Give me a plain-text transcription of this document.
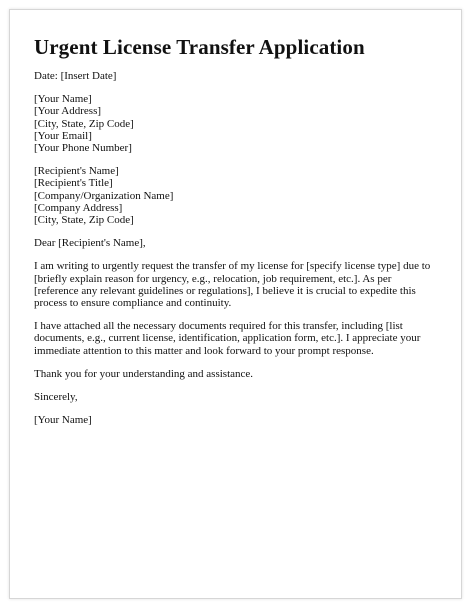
Urgent License Transfer Application
Date: [Insert Date]
[Your Name]
[Your Address]
[City, State, Zip Code]
[Your Email]
[Your Phone Number]
[Recipient's Name]
[Recipient's Title]
[Company/Organization Name]
[Company Address]
[City, State, Zip Code]
Dear [Recipient's Name],
I am writing to urgently request the transfer of my license for [specify license type] due to
[briefly explain reason for urgency, e.g., relocation, job requirement, etc.]. As per
[reference any relevant guidelines or regulations], I believe it is crucial to expedite this
process to ensure compliance and continuity.
I have attached all the necessary documents required for this transfer, including [list
documents, e.g., current license, identification, application form, etc.]. I appreciate your
immediate attention to this matter and look forward to your prompt response.
Thank you for your understanding and assistance.
Sincerely,
[Your Name]
